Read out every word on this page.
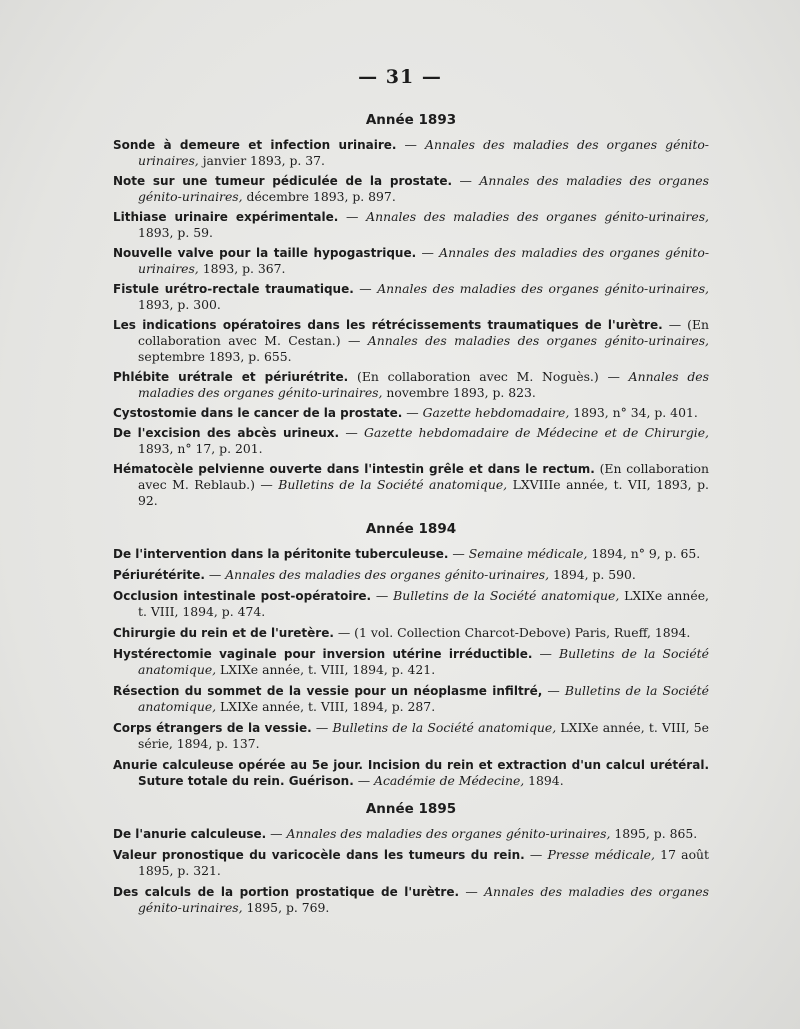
— 31 —
Année 1893
Sonde à demeure et infection urinaire. — Annales des maladies des organes génito-urinaires, janvier 1893, p. 37.
Note sur une tumeur pédiculée de la prostate. — Annales des maladies des organes génito-urinaires, décembre 1893, p. 897.
Lithiase urinaire expérimentale. — Annales des maladies des organes génito-urinaires, 1893, p. 59.
Nouvelle valve pour la taille hypogastrique. — Annales des maladies des organes génito-urinaires, 1893, p. 367.
Fistule urétro-rectale traumatique. — Annales des maladies des organes génito-urinaires, 1893, p. 300.
Les indications opératoires dans les rétrécissements traumatiques de l'urètre. — (En collaboration avec M. Cestan.) — Annales des maladies des organes génito-urinaires, septembre 1893, p. 655.
Phlébite urétrale et périurétrite. (En collaboration avec M. Noguès.) — Annales des maladies des organes génito-urinaires, novembre 1893, p. 823.
Cystostomie dans le cancer de la prostate. — Gazette hebdomadaire, 1893, n° 34, p. 401.
De l'excision des abcès urineux. — Gazette hebdomadaire de Médecine et de Chirurgie, 1893, n° 17, p. 201.
Hématocèle pelvienne ouverte dans l'intestin grêle et dans le rectum. (En collaboration avec M. Reblaub.) — Bulletins de la Société anatomique, LXVIIIe année, t. VII, 1893, p. 92.
Année 1894
De l'intervention dans la péritonite tuberculeuse. — Semaine médicale, 1894, n° 9, p. 65.
Périurétérite. — Annales des maladies des organes génito-urinaires, 1894, p. 590.
Occlusion intestinale post-opératoire. — Bulletins de la Société anatomique, LXIXe année, t. VIII, 1894, p. 474.
Chirurgie du rein et de l'uretère. — (1 vol. Collection Charcot-Debove) Paris, Rueff, 1894.
Hystérectomie vaginale pour inversion utérine irréductible. — Bulletins de la Société anatomique, LXIXe année, t. VIII, 1894, p. 421.
Résection du sommet de la vessie pour un néoplasme infiltré, — Bulletins de la Société anatomique, LXIXe année, t. VIII, 1894, p. 287.
Corps étrangers de la vessie. — Bulletins de la Société anatomique, LXIXe année, t. VIII, 5e série, 1894, p. 137.
Anurie calculeuse opérée au 5e jour. Incision du rein et extraction d'un calcul urétéral. Suture totale du rein. Guérison. — Académie de Médecine, 1894.
Année 1895
De l'anurie calculeuse. — Annales des maladies des organes génito-urinaires, 1895, p. 865.
Valeur pronostique du varicocèle dans les tumeurs du rein. — Presse médicale, 17 août 1895, p. 321.
Des calculs de la portion prostatique de l'urètre. — Annales des maladies des organes génito-urinaires, 1895, p. 769.
